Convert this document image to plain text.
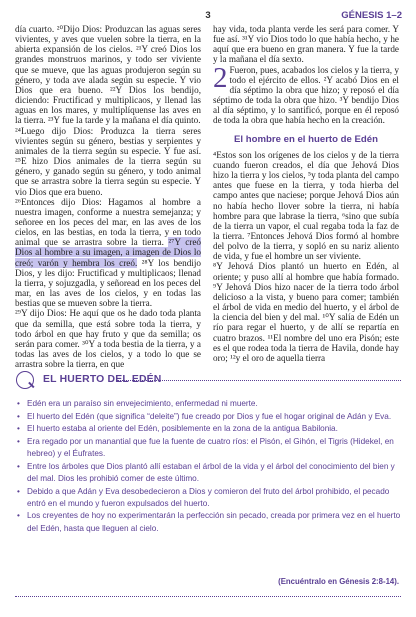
3	GÉNESIS 1–2

día cuarto. ²⁰Dijo Dios: Produzcan las aguas seres vivientes, y aves que vuelen sobre la tierra, en la abierta expansión de los cielos. ²¹Y creó Dios los grandes monstruos marinos, y todo ser viviente que se mueve, que las aguas produjeron según su género, y toda ave alada según su especie. Y vio Dios que era bueno. ²²Y Dios los bendijo, diciendo: Fructificad y multiplicaos, y llenad las aguas en los mares, y multiplíquense las aves en la tierra. ²³Y fue la tarde y la mañana el día quinto.

²⁴Luego dijo Dios: Produzca la tierra seres vivientes según su género, bestias y serpientes y animales de la tierra según su especie. Y fue así. ²⁵E hizo Dios animales de la tierra según su género, y ganado según su género, y todo animal que se arrastra sobre la tierra según su especie. Y vio Dios que era bueno.

²⁶Entonces dijo Dios: Hagamos al hombre a nuestra imagen, conforme a nuestra semejanza; y señoree en los peces del mar, en las aves de los cielos, en las bestias, en toda la tierra, y en todo animal que se arrastra sobre la tierra. ²⁷Y creó Dios al hombre a su imagen, a imagen de Dios lo creó; varón y hembra los creó. ²⁸Y los bendijo Dios, y les dijo: Fructificad y multiplicaos; llenad la tierra, y sojuzgadla, y señoread en los peces del mar, en las aves de los cielos, y en todas las bestias que se mueven sobre la tierra.

²⁹Y dijo Dios: He aquí que os he dado toda planta que da semilla, que está sobre toda la tierra, y todo árbol en que hay fruto y que da semilla; os serán para comer. ³⁰Y a toda bestia de la tierra, y a todas las aves de los cielos, y a todo lo que se arrastra sobre la tierra, en que

hay vida, toda planta verde les será para comer. Y fue así. ³¹Y vio Dios todo lo que había hecho, y he aquí que era bueno en gran manera. Y fue la tarde y la mañana el día sexto.

2 Fueron, pues, acabados los cielos y la tierra, y todo el ejército de ellos. ²Y acabó Dios en el día séptimo la obra que hizo; y reposó el día séptimo de toda la obra que hizo. ³Y bendijo Dios al día séptimo, y lo santificó, porque en él reposó de toda la obra que había hecho en la creación.

El hombre en el huerto de Edén

⁴Estos son los orígenes de los cielos y de la tierra cuando fueron creados, el día que Jehová Dios hizo la tierra y los cielos, ⁵y toda planta del campo antes que fuese en la tierra, y toda hierba del campo antes que naciese; porque Jehová Dios aún no había hecho llover sobre la tierra, ni había hombre para que labrase la tierra, ⁶sino que subía de la tierra un vapor, el cual regaba toda la faz de la tierra. ⁷Entonces Jehová Dios formó al hombre del polvo de la tierra, y sopló en su nariz aliento de vida, y fue el hombre un ser viviente.

⁸Y Jehová Dios plantó un huerto en Edén, al oriente; y puso allí al hombre que había formado. ⁹Y Jehová Dios hizo nacer de la tierra todo árbol delicioso a la vista, y bueno para comer; también el árbol de vida en medio del huerto, y el árbol de la ciencia del bien y del mal. ¹⁰Y salía de Edén un río para regar el huerto, y de allí se repartía en cuatro brazos. ¹¹El nombre del uno era Pisón; este es el que rodea toda la tierra de Havila, donde hay oro; ¹²y el oro de aquella tierra

EL HUERTO DEL EDÉN
• Edén era un paraíso sin envejecimiento, enfermedad ni muerte.
• El huerto del Edén (que significa “deleite”) fue creado por Dios y fue el hogar original de Adán y Eva.
• El huerto estaba al oriente del Edén, posiblemente en la zona de la antigua Babilonia.
• Era regado por un manantial que fue la fuente de cuatro ríos: el Pisón, el Gihón, el Tigris (Hidekel, en hebreo) y el Éufrates.
• Entre los árboles que Dios plantó allí estaban el árbol de la vida y el árbol del conocimiento del bien y del mal. Dios les prohibió comer de este último.
• Debido a que Adán y Eva desobedecieron a Dios y comieron del fruto del árbol prohibido, el pecado entró en el mundo y fueron expulsados del huerto.
• Los creyentes de hoy no experimentarán la perfección sin pecado, creada por primera vez en el huerto del Edén, hasta que lleguen al cielo.
(Encuéntralo en Génesis 2:8-14).
